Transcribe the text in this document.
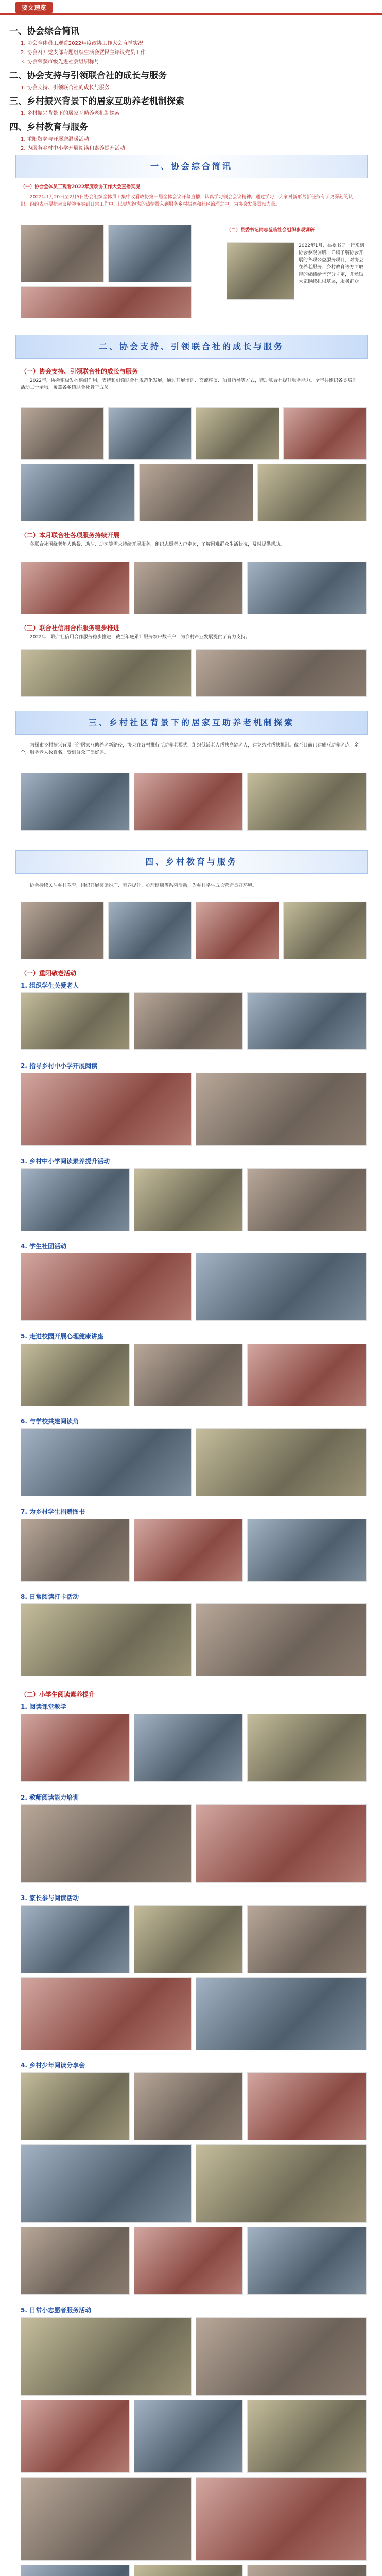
要文速览
一、协会综合简讯
1. 协会全体员工观看2022年度政协工作大会直播实况
2. 协会召开党支部专题组织生活会暨民主评议党员工作
3. 协会荣获市级先进社会组织称号
二、协会支持与引领联合社的成长与服务
1. 协会支持、引领联合社的成长与服务
三、乡村振兴背景下的居家互助养老机制探索
1. 乡村振兴背景下的居家互助养老机制探索
四、乡村教育与服务
1. 重阳敬老与开展送温暖活动
2. 为服务乡村中小学开展阅读和素养提升活动
一、协会综合简讯
（一）协会全体员工观看2022年度政协工作大会直播实况
2022年1月20日至2月5日协会组织全体员工集中收看政协第一届全体会议开幕直播，认真学习领会会议精神。通过学习，大家对新形势新任务有了更深刻的认识，纷纷表示要把会议精神落实到日常工作中，以更加饱满的热情投入到服务乡村振兴和社区治理之中，为协会发展贡献力量。
（二）县委书记同志莅临社会组织参观调研
2022年1月，县委书记一行来到协会参观调研，详细了解协会开展的各项公益服务项目，对协会在养老服务、乡村教育等方面取得的成绩给予充分肯定，并勉励大家继续扎根基层，服务群众。
二、协会支持、引领联合社的成长与服务
（一）协会支持、引领联合社的成长与服务
2022年，协会积极发挥枢纽作用，支持和引领联合社规范化发展，通过开展培训、交流座谈、项目指导等方式，帮助联合社提升服务能力。全年共组织各类培训活动二十余场，覆盖各乡镇联合社骨干成员。
（二）本月联合社各项服务持续开展
各联合社围绕老年人助餐、助洁、助医等需求持续开展服务，组织志愿者入户走访，了解困难群众生活状况，及时提供帮助。
（三）联合社信用合作服务稳步推进
2022年，联合社信用合作服务稳步推进，截至年底累计服务农户数千户，为乡村产业发展提供了有力支持。
三、乡村社区背景下的居家互助养老机制探索
为探索乡村振兴背景下的居家互助养老新路径，协会在各村推行互助养老模式，组织低龄老人帮扶高龄老人，建立结对帮扶机制。截至目前已建成互助养老点十余个，服务老人数百名，受到群众广泛好评。
四、乡村教育与服务
协会持续关注乡村教育，组织开展阅读推广、素养提升、心理健康等系列活动，为乡村学生成长营造良好环境。
（一）重阳敬老活动
1. 组织学生关爱老人
2. 指导乡村中小学开展阅读
3. 乡村中小学阅读素养提升活动
4. 学生社团活动
5. 走进校园开展心理健康讲座
6. 与学校共建阅读角
7. 为乡村学生捐赠图书
8. 日常阅读打卡活动
（二）小学生阅读素养提升
1. 阅读课堂教学
2. 教师阅读能力培训
3. 家长参与阅读活动
4. 乡村少年阅读分享会
5. 日常小志愿者服务活动
